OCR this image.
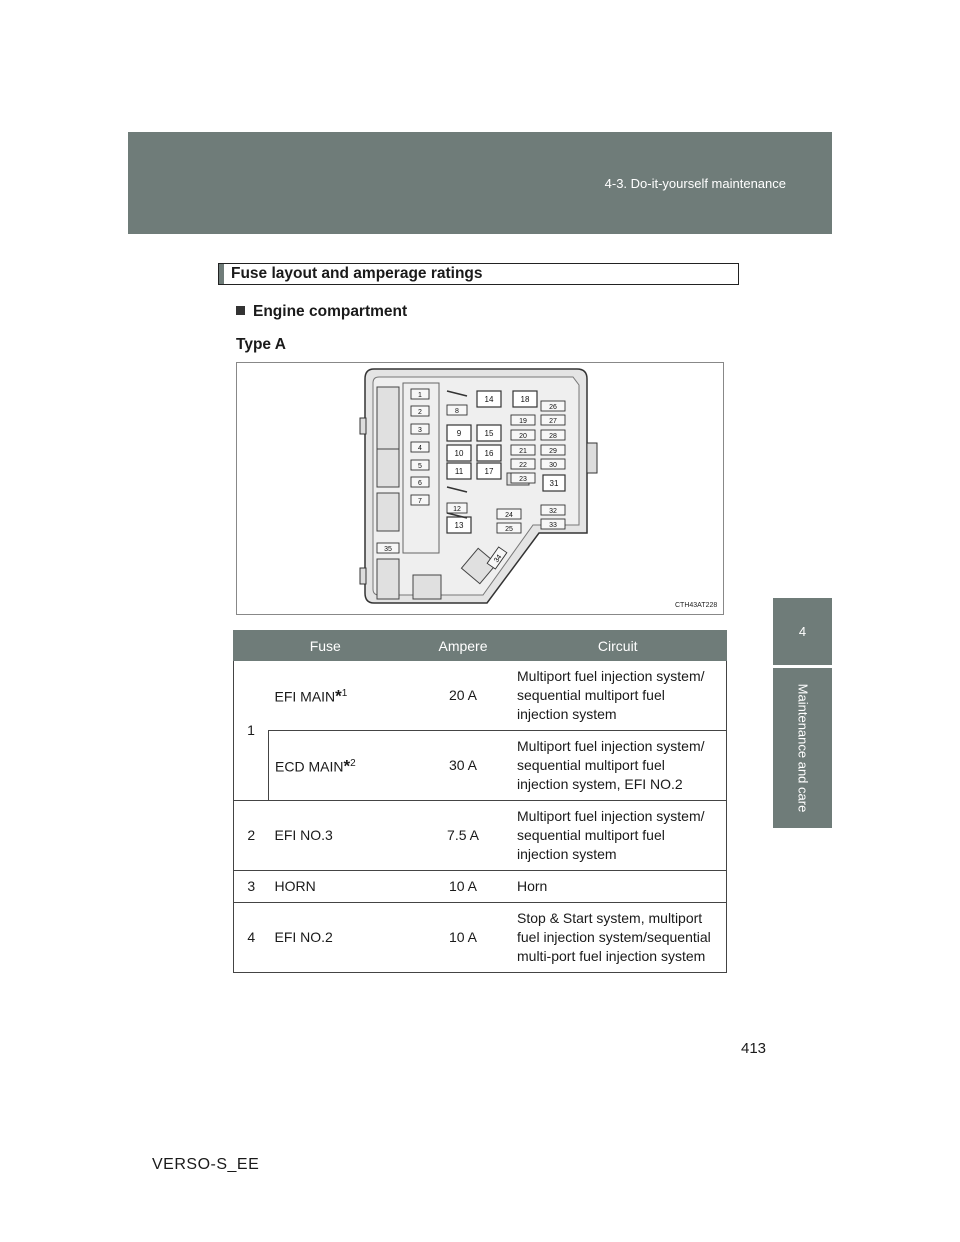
4-3. Do-it-yourself maintenance
4
Maintenance and care
Fuse layout and amperage ratings
Engine compartment
Type A
1
2
3
4
5
6
7
8
9
10
11
12
13
14
15
16
17
18
19
20
21
22
23
24
25
26
27
28
29
30
31
32
33
35
34
CTH43AT228
Fuse		Ampere	Circuit
1	EFI MAIN*$^1$	20 A	Multiport fuel injection system/ sequential multiport fuel injection system
	ECD MAIN*$^2$	30 A	Multiport fuel injection system/ sequential multiport fuel injection system, EFI NO.2
2	EFI NO.3	7.5 A	Multiport fuel injection system/ sequential multiport fuel injection system
3	HORN	10 A	Horn
4	EFI NO.2	10 A	Stop & Start system, multiport fuel injection system/sequential multi-port fuel injection system
413
VERSO-S_EE
